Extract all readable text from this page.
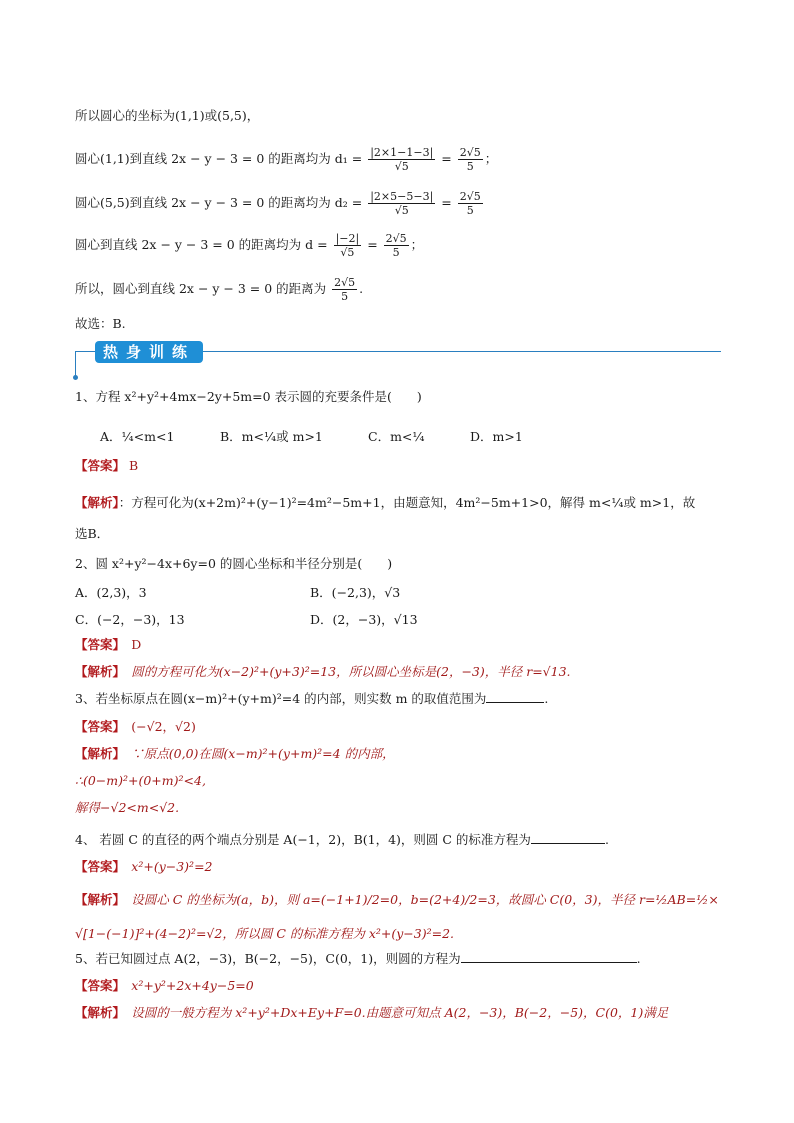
所以圆心的坐标为(1,1)或(5,5)，
圆心(1,1)到直线 2x − y − 3 = 0 的距离均为 $d_1 = \frac{|2\times 1-1-3|}{√5} = \frac{2√5}{5}$ ；
圆心(5,5)到直线 2x − y − 3 = 0 的距离均为 $d_2 = \frac{|2\times 5-5-3|}{√5} = \frac{2√5}{5}$
圆心到直线 2x − y − 3 = 0 的距离均为 $d = \frac{|-2|}{√5} = \frac{2√5}{5}$ ；
所以，圆心到直线 2x − y − 3 = 0 的距离为 $\frac{2√5}{5}$ .
故选：B.
热身训练
1、方程 x²+y²+4mx−2y+5m=0 表示圆的充要条件是(　　)
A．¼<m<1	B．m<¼或 m>1	C．m<¼	D．m>1
【答案】 B
【解析】：方程可化为(x+2m)²+(y−1)²=4m²−5m+1，由题意知，4m²−5m+1>0，解得 m<¼或 m>1，故
选B．
2、圆 x²+y²−4x+6y=0 的圆心坐标和半径分别是(　　)
A．(2,3)，3	B．(−2,3)，√3
C．(−2，−3)，13	D．(2，−3)，√13
【答案】　 D
【解析】　 圆的方程可化为(x−2)²+(y+3)²=13，所以圆心坐标是(2，−3)，半径 r=√13.
3、若坐标原点在圆(x−m)²+(y+m)²=4 的内部，则实数 m 的取值范围为	.
【答案】　 (−√2，√2)
【解析】　 ∵原点(0,0)在圆(x−m)²+(y+m)²=4 的内部，
∴(0−m)²+(0+m)²<4,
解得−√2<m<√2.
4、 若圆 C 的直径的两个端点分别是 A(−1，2)，B(1，4)，则圆 C 的标准方程为	.
【答案】　 x²+(y−3)²=2
【解析】　 设圆心 C 的坐标为(a，b)，则 a=(−1+1)/2=0，b=(2+4)/2=3，故圆心 C(0，3)，半径 r=½AB=½×
√[1−(−1)]²+(4−2)²=√2，所以圆 C 的标准方程为 x²+(y−3)²=2.
5、若已知圆过点 A(2，−3)，B(−2，−5)，C(0，1)，则圆的方程为	.
【答案】　 x²+y²+2x+4y−5=0
【解析】　 设圆的一般方程为 x²+y²+Dx+Ey+F=0.由题意可知点 A(2，−3)，B(−2，−5)，C(0，1)满足
